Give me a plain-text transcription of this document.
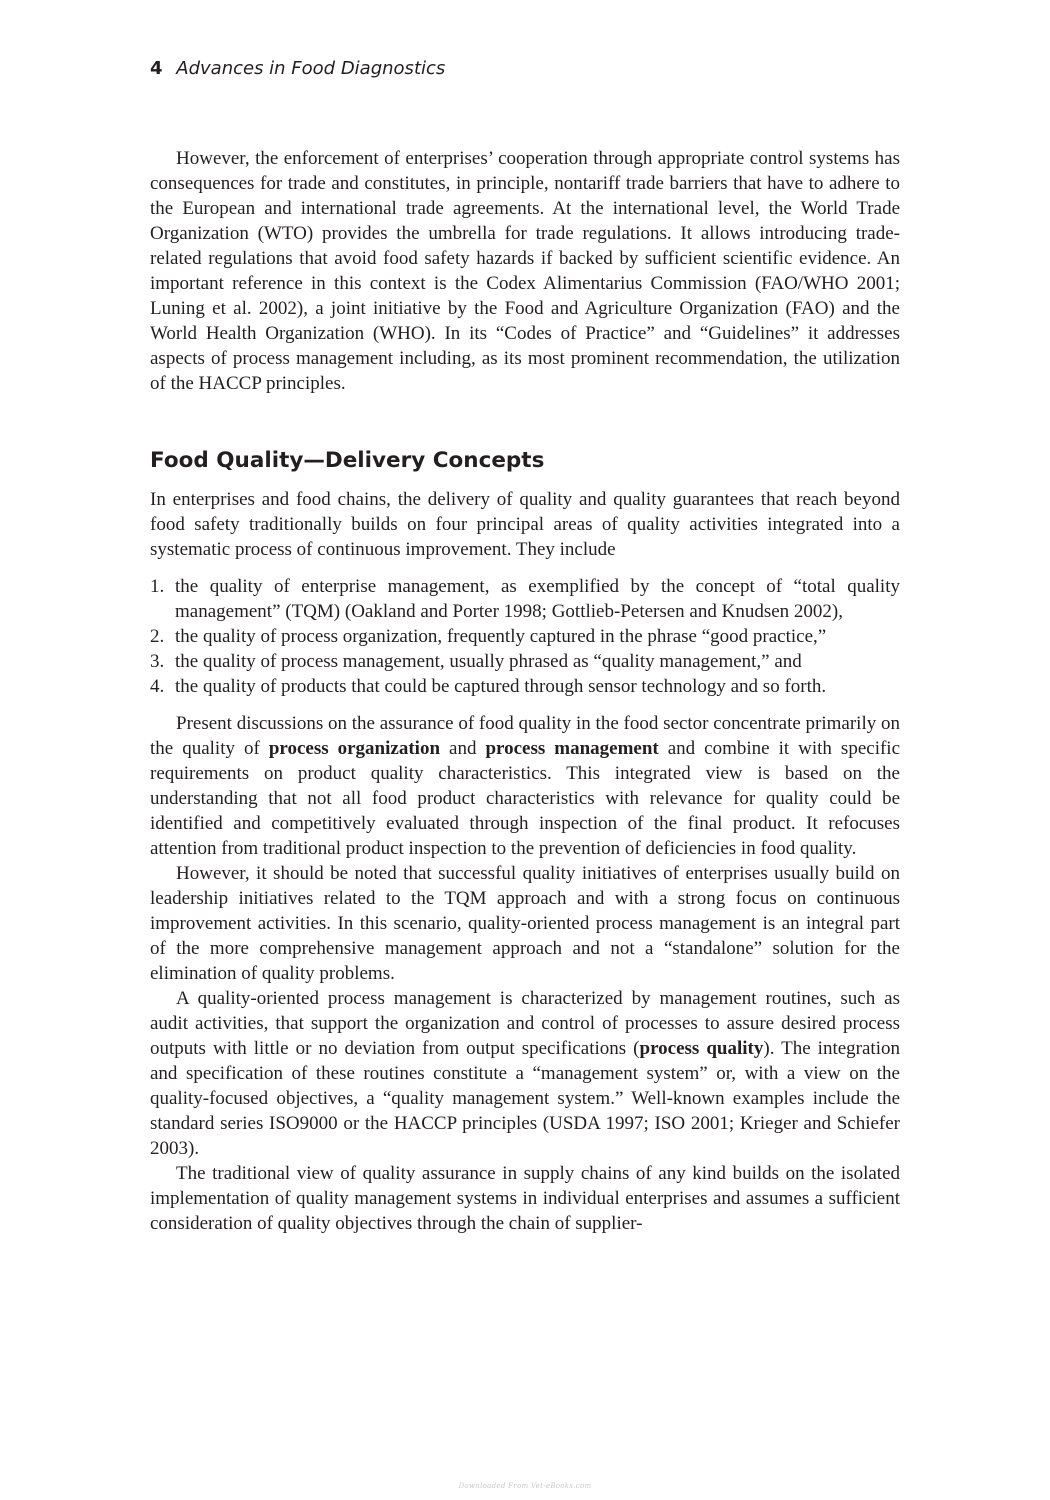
4 Advances in Food Diagnostics

However, the enforcement of enterprises’ cooperation through appropriate control systems has consequences for trade and constitutes, in principle, nontariff trade barriers that have to adhere to the European and international trade agreements. At the international level, the World Trade Organization (WTO) provides the umbrella for trade regulations. It allows introducing trade-related regulations that avoid food safety hazards if backed by sufficient scientific evidence. An important reference in this context is the Codex Alimentarius Commission (FAO/WHO 2001; Luning et al. 2002), a joint initiative by the Food and Agriculture Organization (FAO) and the World Health Organization (WHO). In its “Codes of Practice” and “Guidelines” it addresses aspects of process management including, as its most prominent recommendation, the utilization of the HACCP principles.

Food Quality—Delivery Concepts

In enterprises and food chains, the delivery of quality and quality guarantees that reach beyond food safety traditionally builds on four principal areas of quality activities integrated into a systematic process of continuous improvement. They include

1. the quality of enterprise management, as exemplified by the concept of “total quality management” (TQM) (Oakland and Porter 1998; Gottlieb-Petersen and Knudsen 2002),
2. the quality of process organization, frequently captured in the phrase “good practice,”
3. the quality of process management, usually phrased as “quality management,” and
4. the quality of products that could be captured through sensor technology and so forth.

Present discussions on the assurance of food quality in the food sector concentrate primarily on the quality of process organization and process management and combine it with specific requirements on product quality characteristics. This integrated view is based on the understanding that not all food product characteristics with relevance for quality could be identified and competitively evaluated through inspection of the final product. It refocuses attention from traditional product inspection to the prevention of deficiencies in food quality.

However, it should be noted that successful quality initiatives of enterprises usually build on leadership initiatives related to the TQM approach and with a strong focus on continuous improvement activities. In this scenario, quality-oriented process management is an integral part of the more comprehensive management approach and not a “standalone” solution for the elimination of quality problems.

A quality-oriented process management is characterized by management routines, such as audit activities, that support the organization and control of processes to assure desired process outputs with little or no deviation from output specifications (process quality). The integration and specification of these routines constitute a “management system” or, with a view on the quality-focused objectives, a “quality management system.” Well-known examples include the standard series ISO9000 or the HACCP principles (USDA 1997; ISO 2001; Krieger and Schiefer 2003).

The traditional view of quality assurance in supply chains of any kind builds on the isolated implementation of quality management systems in individual enterprises and assumes a sufficient consideration of quality objectives through the chain of supplier-

Downloaded From Vet-eBooks.com
